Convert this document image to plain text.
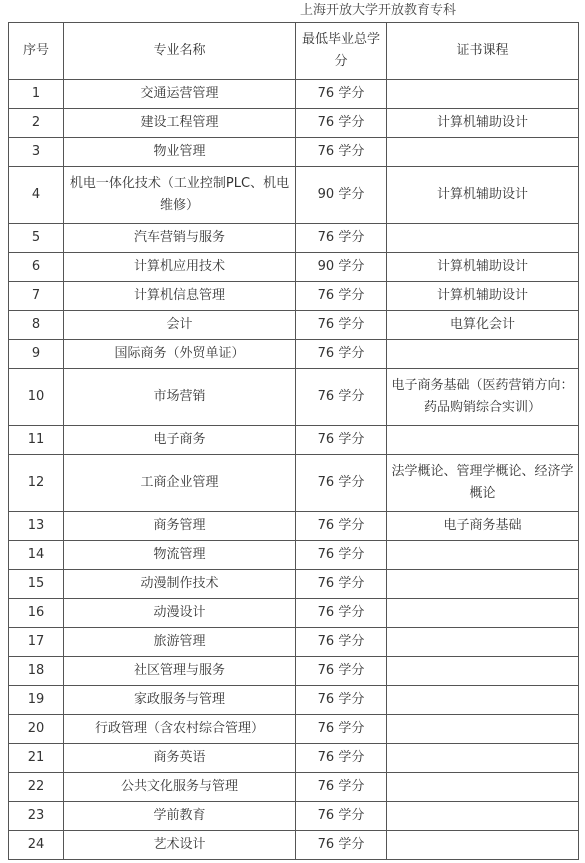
上海开放大学开放教育专科
序号	专业名称	最低毕业总学分	证书课程
1	交通运营管理	76 学分	
2	建设工程管理	76 学分	计算机辅助设计
3	物业管理	76 学分	
4	机电一体化技术（工业控制PLC、机电维修）	90 学分	计算机辅助设计
5	汽车营销与服务	76 学分	
6	计算机应用技术	90 学分	计算机辅助设计
7	计算机信息管理	76 学分	计算机辅助设计
8	会计	76 学分	电算化会计
9	国际商务（外贸单证）	76 学分	
10	市场营销	76 学分	电子商务基础（医药营销方向：药品购销综合实训）
11	电子商务	76 学分	
12	工商企业管理	76 学分	法学概论、管理学概论、经济学概论
13	商务管理	76 学分	电子商务基础
14	物流管理	76 学分	
15	动漫制作技术	76 学分	
16	动漫设计	76 学分	
17	旅游管理	76 学分	
18	社区管理与服务	76 学分	
19	家政服务与管理	76 学分	
20	行政管理（含农村综合管理）	76 学分	
21	商务英语	76 学分	
22	公共文化服务与管理	76 学分	
23	学前教育	76 学分	
24	艺术设计	76 学分	
